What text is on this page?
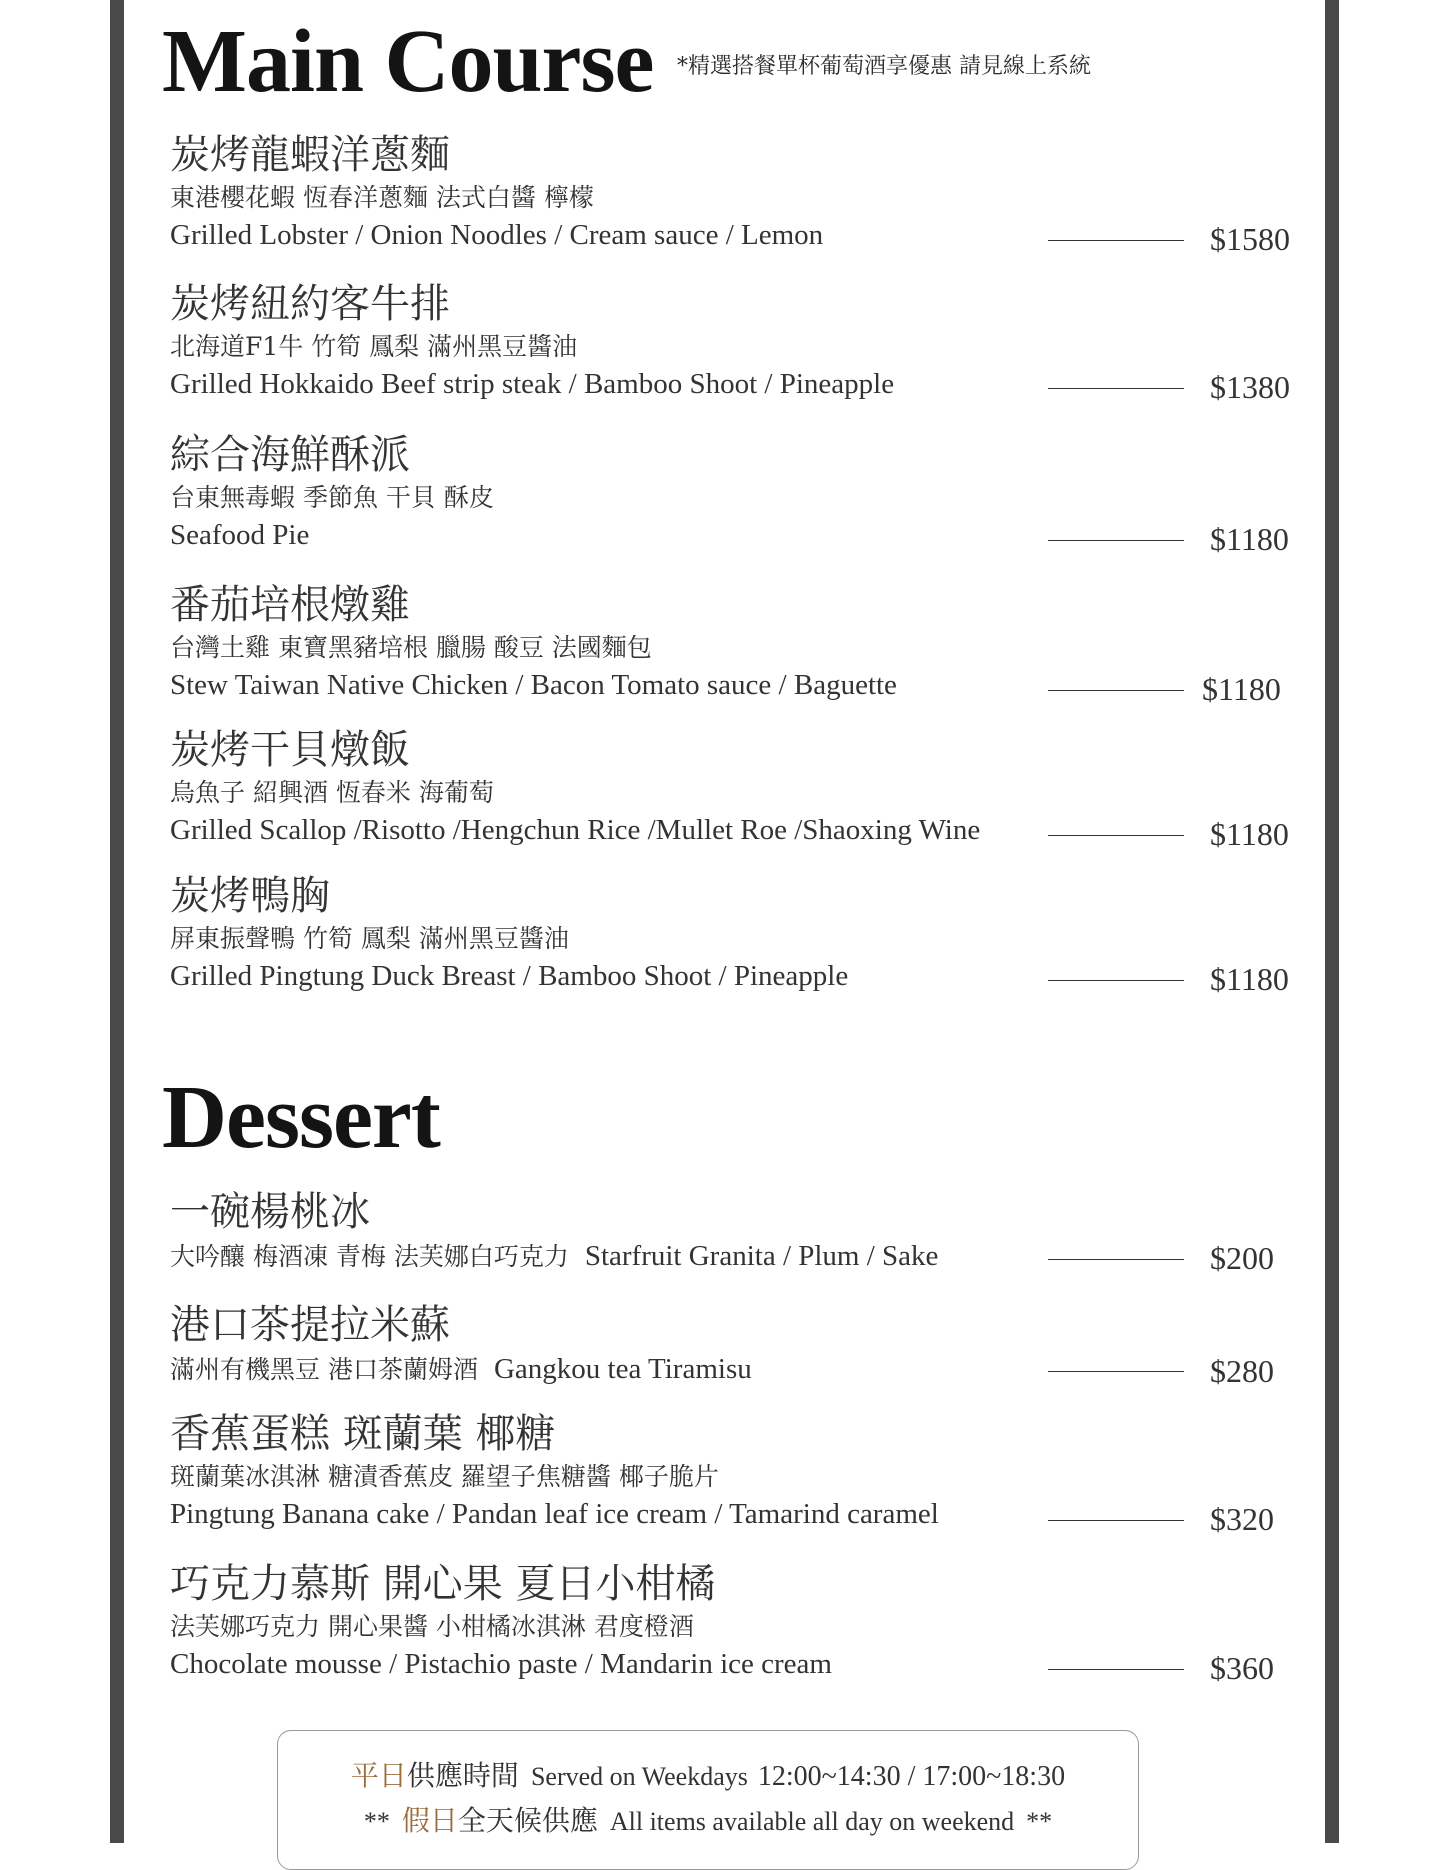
Main Course *精選搭餐單杯葡萄酒享優惠 請見線上系統
炭烤龍蝦洋蔥麵
東港櫻花蝦 恆春洋蔥麵 法式白醬 檸檬
Grilled Lobster / Onion Noodles / Cream sauce / Lemon	$1580
炭烤紐約客牛排
北海道F1牛 竹筍 鳳梨 滿州黑豆醬油
Grilled Hokkaido Beef strip steak / Bamboo Shoot / Pineapple	$1380
綜合海鮮酥派
台東無毒蝦 季節魚 干貝 酥皮
Seafood Pie	$1180
番茄培根燉雞
台灣土雞 東寶黑豬培根 臘腸 酸豆 法國麵包
Stew Taiwan Native Chicken / Bacon Tomato sauce / Baguette	$1180
炭烤干貝燉飯
烏魚子 紹興酒 恆春米 海葡萄
Grilled Scallop /Risotto /Hengchun Rice /Mullet Roe /Shaoxing Wine	$1180
炭烤鴨胸
屏東振聲鴨 竹筍 鳳梨 滿州黑豆醬油
Grilled Pingtung Duck Breast / Bamboo Shoot / Pineapple	$1180
Dessert
一碗楊桃冰
大吟釀 梅酒凍 青梅 法芙娜白巧克力 Starfruit Granita / Plum / Sake	$200
港口茶提拉米蘇
滿州有機黑豆 港口茶蘭姆酒 Gangkou tea Tiramisu	$280
香蕉蛋糕 斑蘭葉 椰糖
斑蘭葉冰淇淋 糖漬香蕉皮 羅望子焦糖醬 椰子脆片
Pingtung Banana cake / Pandan leaf ice cream / Tamarind caramel	$320
巧克力慕斯 開心果 夏日小柑橘
法芙娜巧克力 開心果醬 小柑橘冰淇淋 君度橙酒
Chocolate mousse / Pistachio paste / Mandarin ice cream	$360
平日供應時間 Served on Weekdays 12:00~14:30 / 17:00~18:30
** 假日全天候供應 All items available all day on weekend **
